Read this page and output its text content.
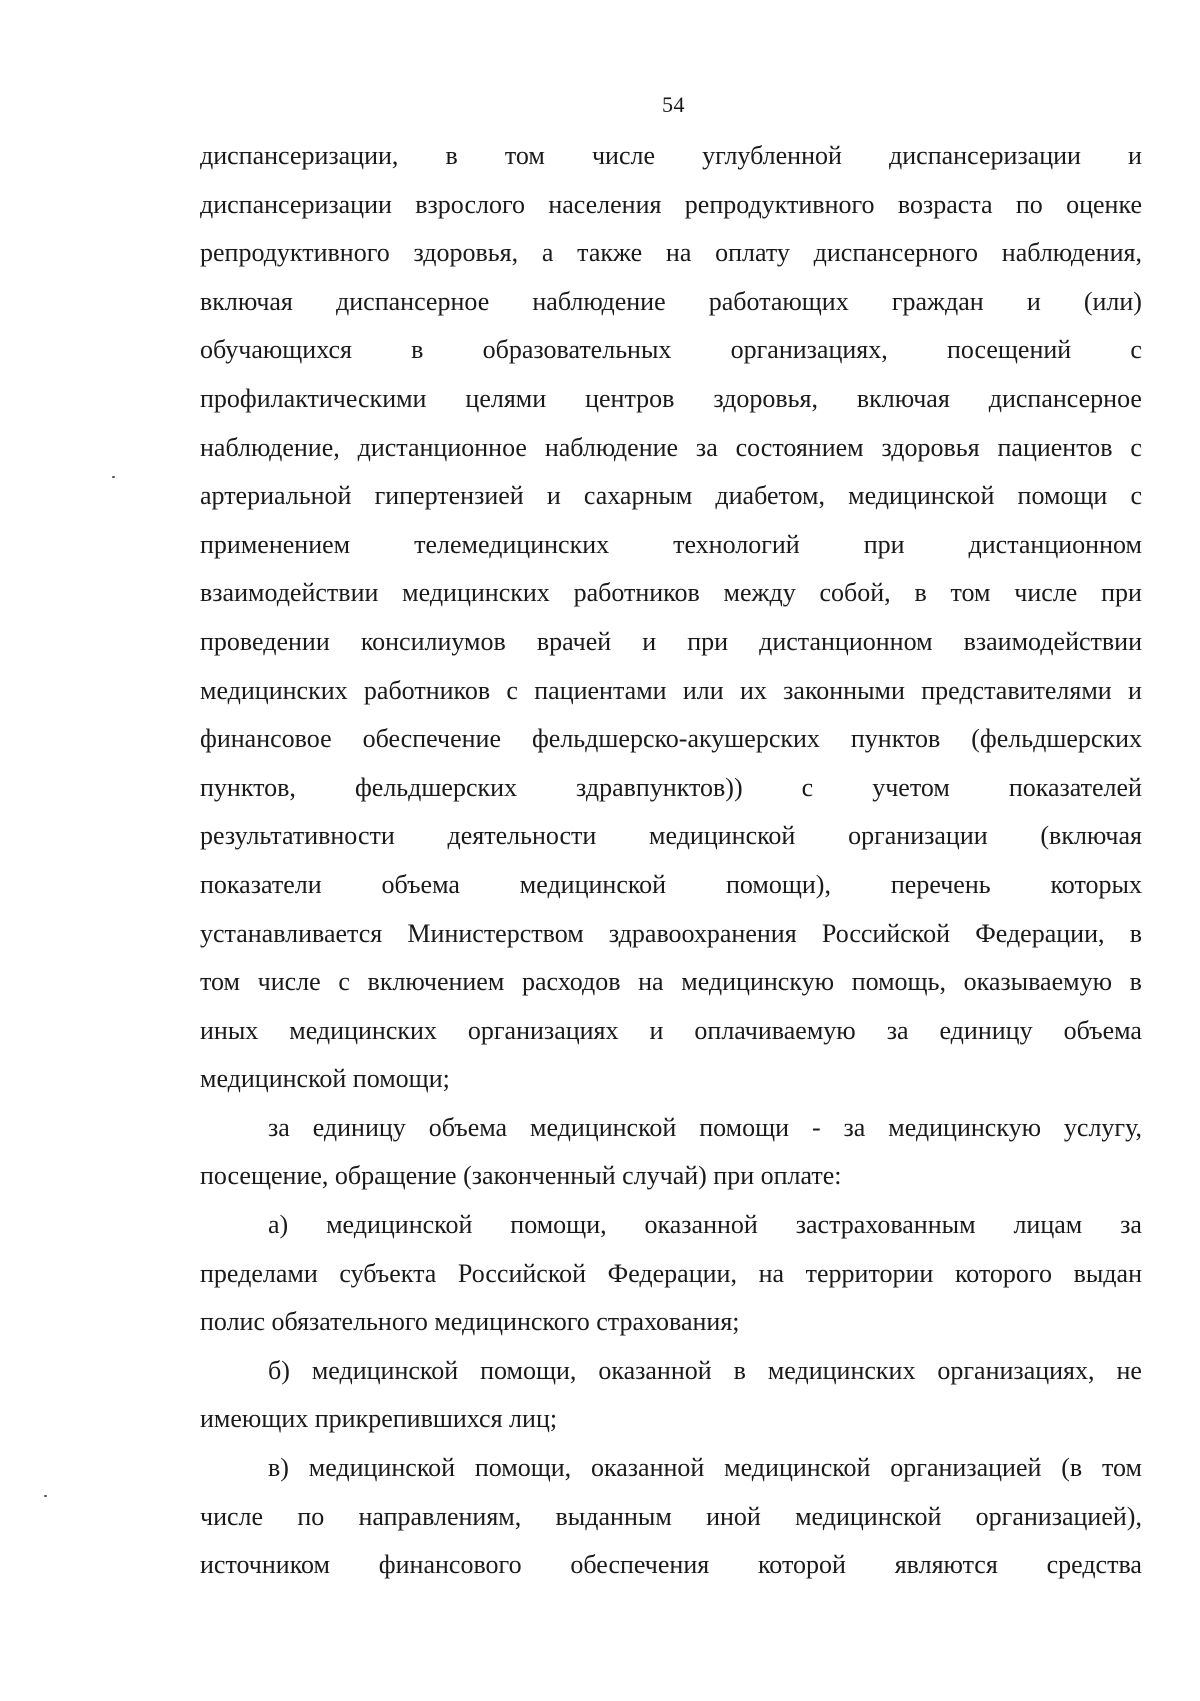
54
диспансеризации, в том числе углубленной диспансеризации и
диспансеризации взрослого населения репродуктивного возраста по оценке
репродуктивного здоровья, а также на оплату диспансерного наблюдения,
включая диспансерное наблюдение работающих граждан и (или)
обучающихся в образовательных организациях, посещений с
профилактическими целями центров здоровья, включая диспансерное
наблюдение, дистанционное наблюдение за состоянием здоровья пациентов с
артериальной гипертензией и сахарным диабетом, медицинской помощи с
применением телемедицинских технологий при дистанционном
взаимодействии медицинских работников между собой, в том числе при
проведении консилиумов врачей и при дистанционном взаимодействии
медицинских работников с пациентами или их законными представителями и
финансовое обеспечение фельдшерско-акушерских пунктов (фельдшерских
пунктов, фельдшерских здравпунктов)) с учетом показателей
результативности деятельности медицинской организации (включая
показатели объема медицинской помощи), перечень которых
устанавливается Министерством здравоохранения Российской Федерации, в
том числе с включением расходов на медицинскую помощь, оказываемую в
иных медицинских организациях и оплачиваемую за единицу объема
медицинской помощи;
за единицу объема медицинской помощи - за медицинскую услугу,
посещение, обращение (законченный случай) при оплате:
а) медицинской помощи, оказанной застрахованным лицам за
пределами субъекта Российской Федерации, на территории которого выдан
полис обязательного медицинского страхования;
б) медицинской помощи, оказанной в медицинских организациях, не
имеющих прикрепившихся лиц;
в) медицинской помощи, оказанной медицинской организацией (в том
числе по направлениям, выданным иной медицинской организацией),
источником финансового обеспечения которой являются средства
